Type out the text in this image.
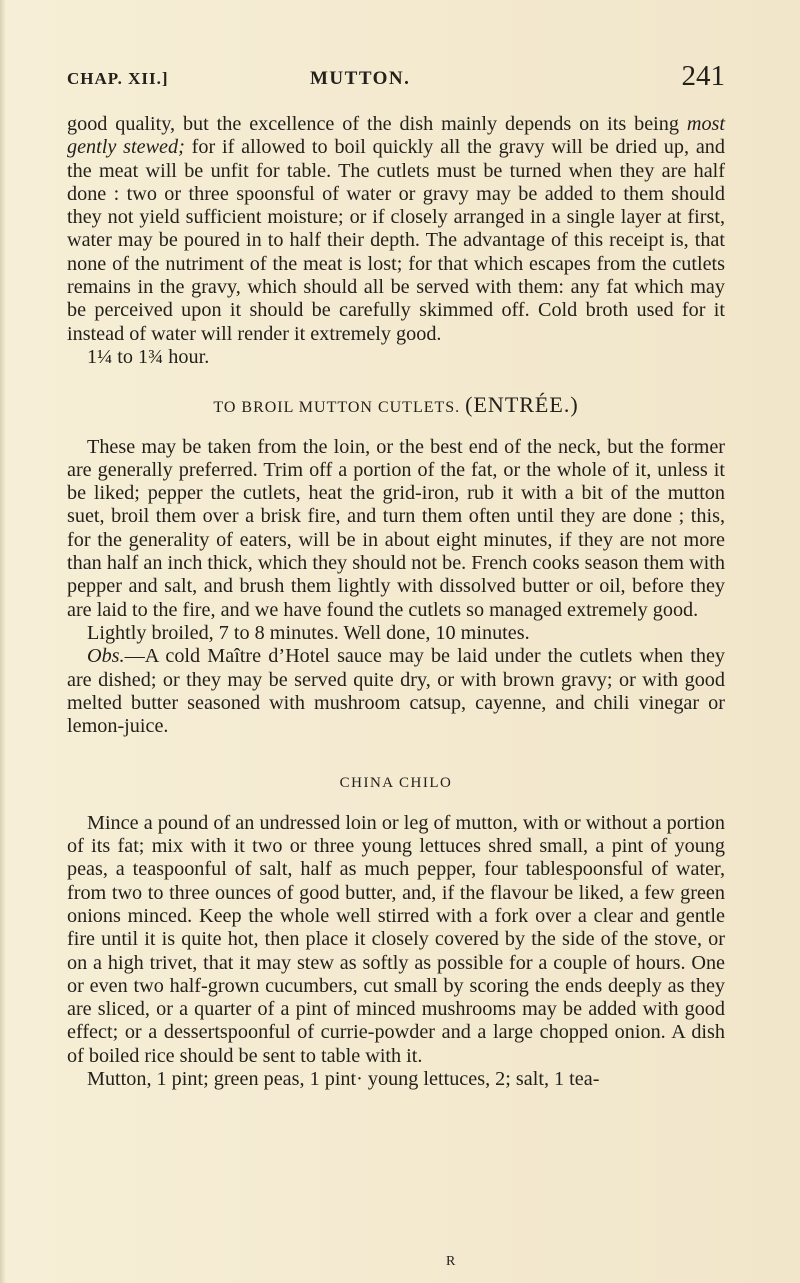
CHAP. XII.]	MUTTON.	241

good quality, but the excellence of the dish mainly depends on its being most gently stewed; for if allowed to boil quickly all the gravy will be dried up, and the meat will be unfit for table. The cutlets must be turned when they are half done : two or three spoonsful of water or gravy may be added to them should they not yield sufficient moisture; or if closely arranged in a single layer at first, water may be poured in to half their depth. The advantage of this receipt is, that none of the nutriment of the meat is lost; for that which escapes from the cutlets remains in the gravy, which should all be served with them: any fat which may be perceived upon it should be carefully skimmed off. Cold broth used for it instead of water will render it extremely good.

1¼ to 1¾ hour.

TO BROIL MUTTON CUTLETS. (ENTRÉE.)

These may be taken from the loin, or the best end of the neck, but the former are generally preferred. Trim off a portion of the fat, or the whole of it, unless it be liked; pepper the cutlets, heat the grid-iron, rub it with a bit of the mutton suet, broil them over a brisk fire, and turn them often until they are done ; this, for the generality of eaters, will be in about eight minutes, if they are not more than half an inch thick, which they should not be. French cooks season them with pepper and salt, and brush them lightly with dissolved butter or oil, before they are laid to the fire, and we have found the cutlets so managed extremely good.

Lightly broiled, 7 to 8 minutes. Well done, 10 minutes.

Obs.—A cold Maître d’Hotel sauce may be laid under the cutlets when they are dished; or they may be served quite dry, or with brown gravy; or with good melted butter seasoned with mushroom catsup, cayenne, and chili vinegar or lemon-juice.

CHINA CHILO

Mince a pound of an undressed loin or leg of mutton, with or without a portion of its fat; mix with it two or three young lettuces shred small, a pint of young peas, a teaspoonful of salt, half as much pepper, four tablespoonsful of water, from two to three ounces of good butter, and, if the flavour be liked, a few green onions minced. Keep the whole well stirred with a fork over a clear and gentle fire until it is quite hot, then place it closely covered by the side of the stove, or on a high trivet, that it may stew as softly as possible for a couple of hours. One or even two half-grown cucumbers, cut small by scoring the ends deeply as they are sliced, or a quarter of a pint of minced mushrooms may be added with good effect; or a dessertspoonful of currie-powder and a large chopped onion. A dish of boiled rice should be sent to table with it.

Mutton, 1 pint; green peas, 1 pint· young lettuces, 2; salt, 1 tea-

R
